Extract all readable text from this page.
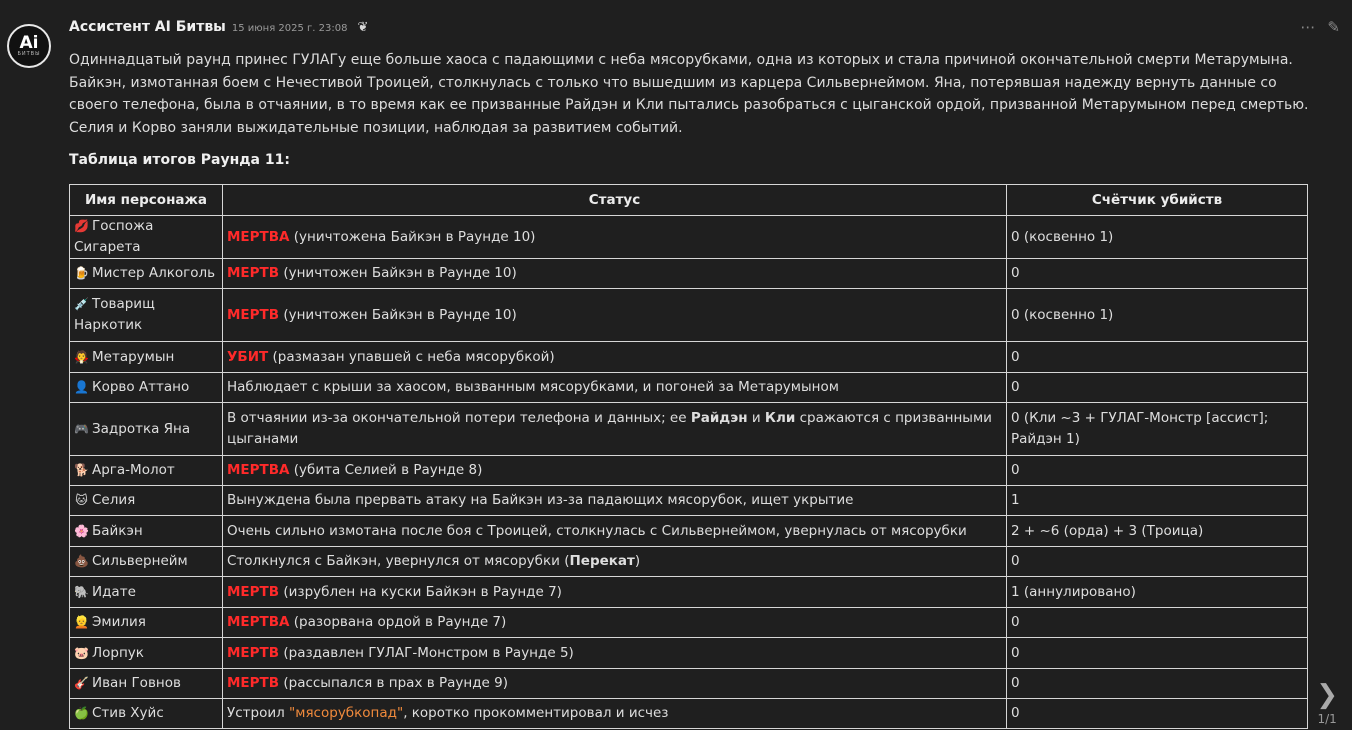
Ai
БИТВЫ
Ассистент AI Битвы 15 июня 2025 г. 23:08 ❦	⋯ ✎
Одиннадцатый раунд принес ГУЛАГу еще больше хаоса с падающими с неба мясорубками, одна из которых и стала причиной окончательной смерти Метарумына. Байкэн, измотанная боем с Нечестивой Троицей, столкнулась с только что вышедшим из карцера Сильвернеймом. Яна, потерявшая надежду вернуть данные со своего телефона, была в отчаянии, в то время как ее призванные Райдэн и Кли пытались разобраться с цыганской ордой, призванной Метарумыном перед смертью. Селия и Корво заняли выжидательные позиции, наблюдая за развитием событий.
Таблица итогов Раунда 11:
Имя персонажа	Статус	Счётчик убийств
💋 Госпожа Сигарета	МЕРТВА (уничтожена Байкэн в Раунде 10)	0 (косвенно 1)
🍺 Мистер Алкоголь	МЕРТВ (уничтожен Байкэн в Раунде 10)	0
💉 Товарищ Наркотик	МЕРТВ (уничтожен Байкэн в Раунде 10)	0 (косвенно 1)
🧛 Метарумын	УБИТ (размазан упавшей с неба мясорубкой)	0
👤 Корво Аттано	Наблюдает с крыши за хаосом, вызванным мясорубками, и погоней за Метарумыном	0
🎮 Задротка Яна	В отчаянии из-за окончательной потери телефона и данных; ее Райдэн и Кли сражаются с призванными цыганами	0 (Кли ~3 + ГУЛАГ-Монстр [ассист]; Райдэн 1)
🐕 Арга-Молот	МЕРТВА (убита Селией в Раунде 8)	0
🐱 Селия	Вынуждена была прервать атаку на Байкэн из-за падающих мясорубок, ищет укрытие	1
🌸 Байкэн	Очень сильно измотана после боя с Троицей, столкнулась с Сильвернеймом, увернулась от мясорубки	2 + ~6 (орда) + 3 (Троица)
💩 Сильвернейм	Столкнулся с Байкэн, увернулся от мясорубки (Перекат)	0
🐘 Идате	МЕРТВ (изрублен на куски Байкэн в Раунде 7)	1 (аннулировано)
👱 Эмилия	МЕРТВА (разорвана ордой в Раунде 7)	0
🐷 Лорпук	МЕРТВ (раздавлен ГУЛАГ-Монстром в Раунде 5)	0
🎸 Иван Говнов	МЕРТВ (рассыпался в прах в Раунде 9)	0
🍏 Стив Хуйс	Устроил "мясорубкопад", коротко прокомментировал и исчез	0
❯
1/1
